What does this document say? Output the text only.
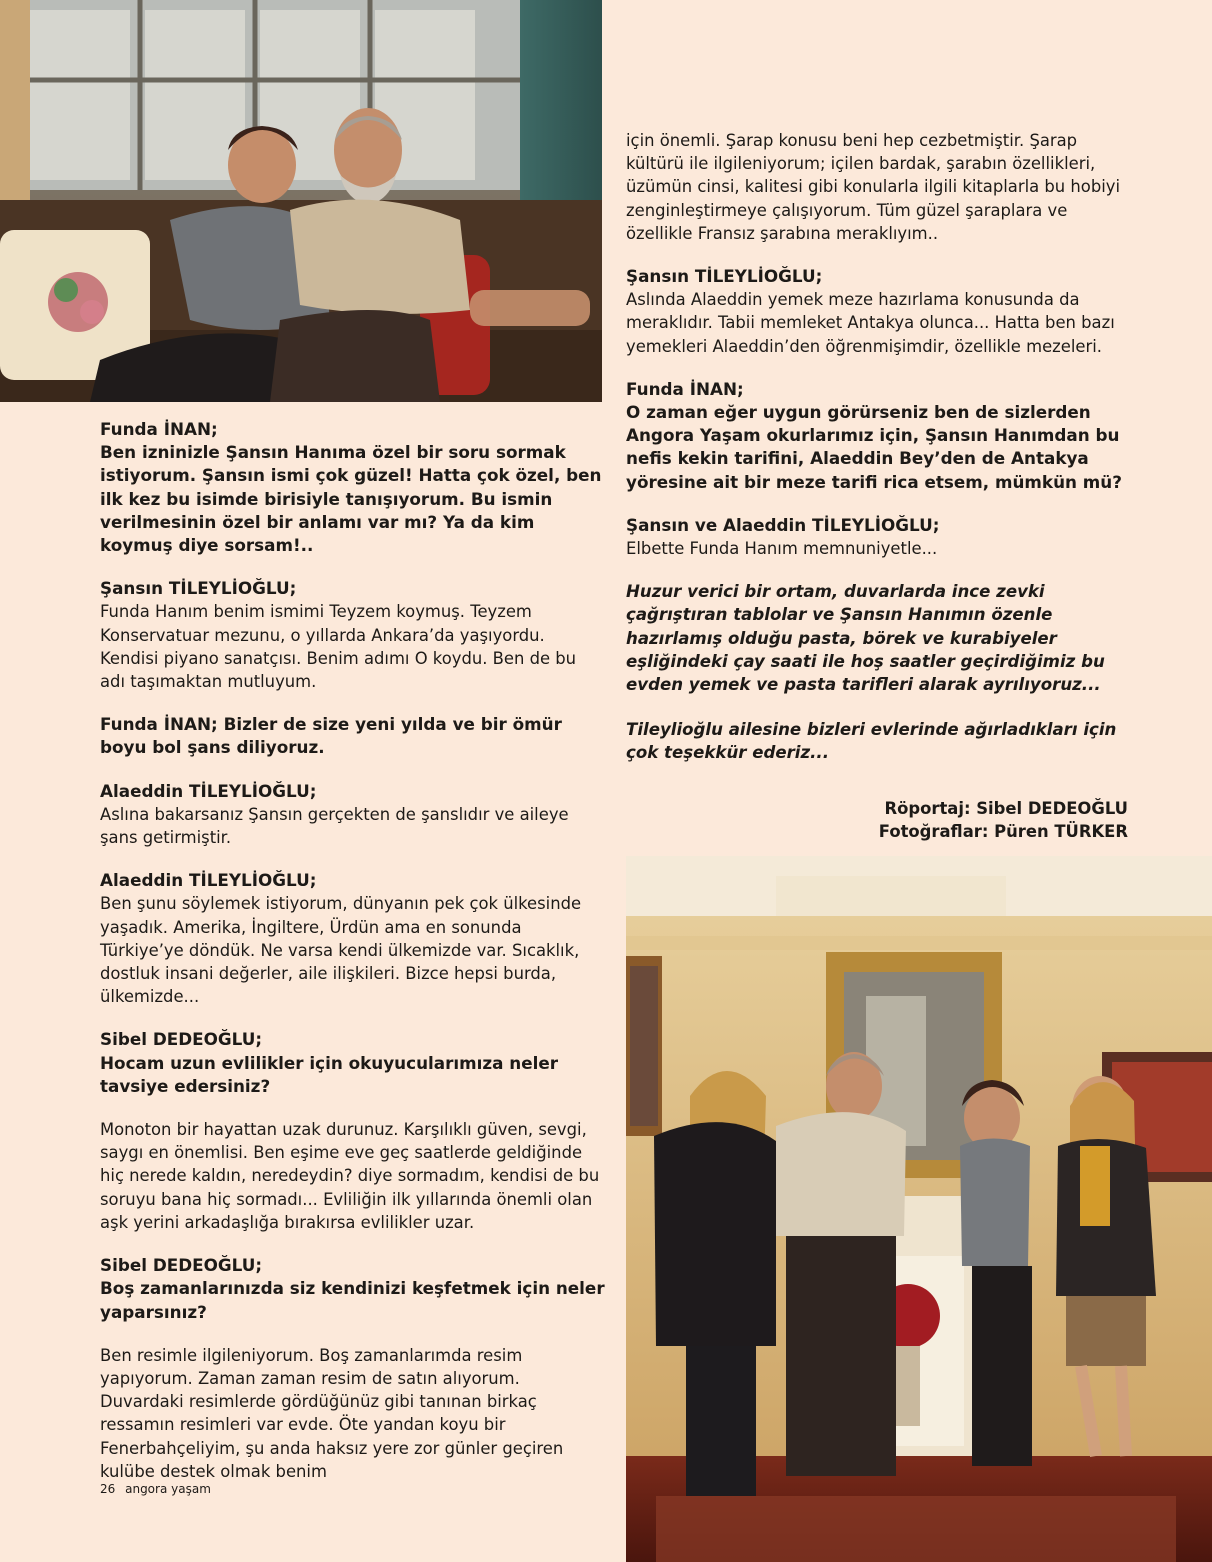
Funda İNAN;

Ben izninizle Şansın Hanıma özel bir soru sormak istiyorum. Şansın ismi çok güzel! Hatta çok özel, ben ilk kez bu isimde birisiyle tanışıyorum. Bu ismin verilmesinin özel bir anlamı var mı? Ya da kim koymuş diye sorsam!..

Şansın TİLEYLİOĞLU;

Funda Hanım benim ismimi Teyzem koymuş. Teyzem Konservatuar mezunu, o yıllarda Ankara’da yaşıyordu. Kendisi piyano sanatçısı. Benim adımı O koydu. Ben de bu adı taşımaktan mutluyum.

Funda İNAN; Bizler de size yeni yılda ve bir ömür boyu bol şans diliyoruz.

Alaeddin TİLEYLİOĞLU;

Aslına bakarsanız Şansın gerçekten de şanslıdır ve aileye şans getirmiştir.

Alaeddin TİLEYLİOĞLU;

Ben şunu söylemek istiyorum, dünyanın pek çok ülkesinde yaşadık. Amerika, İngiltere, Ürdün ama en sonunda Türkiye’ye döndük. Ne varsa kendi ülkemizde var. Sıcaklık, dostluk insani değerler, aile ilişkileri. Bizce hepsi burda, ülkemizde...

Sibel DEDEOĞLU;

Hocam uzun evlilikler için okuyucularımıza neler tavsiye edersiniz?

Monoton bir hayattan uzak durunuz. Karşılıklı güven, sevgi, saygı en önemlisi. Ben eşime eve geç saatlerde geldiğinde hiç nerede kaldın, neredeydin? diye sormadım, kendisi de bu soruyu bana hiç sormadı... Evliliğin ilk yıllarında önemli olan aşk yerini arkadaşlığa bırakırsa evlilikler uzar.

Sibel DEDEOĞLU;

Boş zamanlarınızda siz kendinizi keşfetmek için neler yaparsınız?

Ben resimle ilgileniyorum. Boş zamanlarımda resim yapıyorum. Zaman zaman resim de satın alıyorum. Duvardaki resimlerde gördüğünüz gibi tanınan birkaç ressamın resimleri var evde. Öte yandan koyu bir Fenerbahçeliyim, şu anda haksız yere zor günler geçiren kulübe destek olmak benim

için önemli. Şarap konusu beni hep cezbetmiştir. Şarap kültürü ile ilgileniyorum; içilen bardak, şarabın özellikleri, üzümün cinsi, kalitesi gibi konularla ilgili kitaplarla bu hobiyi zenginleştirmeye çalışıyorum. Tüm güzel şaraplara ve özellikle Fransız şarabına meraklıyım..

Şansın TİLEYLİOĞLU;

Aslında Alaeddin yemek meze hazırlama konusunda da meraklıdır. Tabii memleket Antakya olunca... Hatta ben bazı yemekleri Alaeddin’den öğrenmişimdir, özellikle mezeleri.

Funda İNAN;

O zaman eğer uygun görürseniz ben de sizlerden Angora Yaşam okurlarımız için, Şansın Hanımdan bu nefis kekin tarifini, Alaeddin Bey’den de Antakya yöresine ait bir meze tarifi rica etsem, mümkün mü?

Şansın ve Alaeddin TİLEYLİOĞLU;

Elbette Funda Hanım memnuniyetle...

Huzur verici bir ortam, duvarlarda ince zevki çağrıştıran tablolar ve Şansın Hanımın özenle hazırlamış olduğu pasta, börek ve kurabiyeler eşliğindeki çay saati ile hoş saatler geçirdiğimiz bu evden yemek ve pasta tarifleri alarak ayrılıyoruz...

Tileylioğlu ailesine bizleri evlerinde ağırladıkları için çok teşekkür ederiz...

Röportaj: Sibel DEDEOĞLU
Fotoğraflar: Püren TÜRKER
26 angora yaşam
